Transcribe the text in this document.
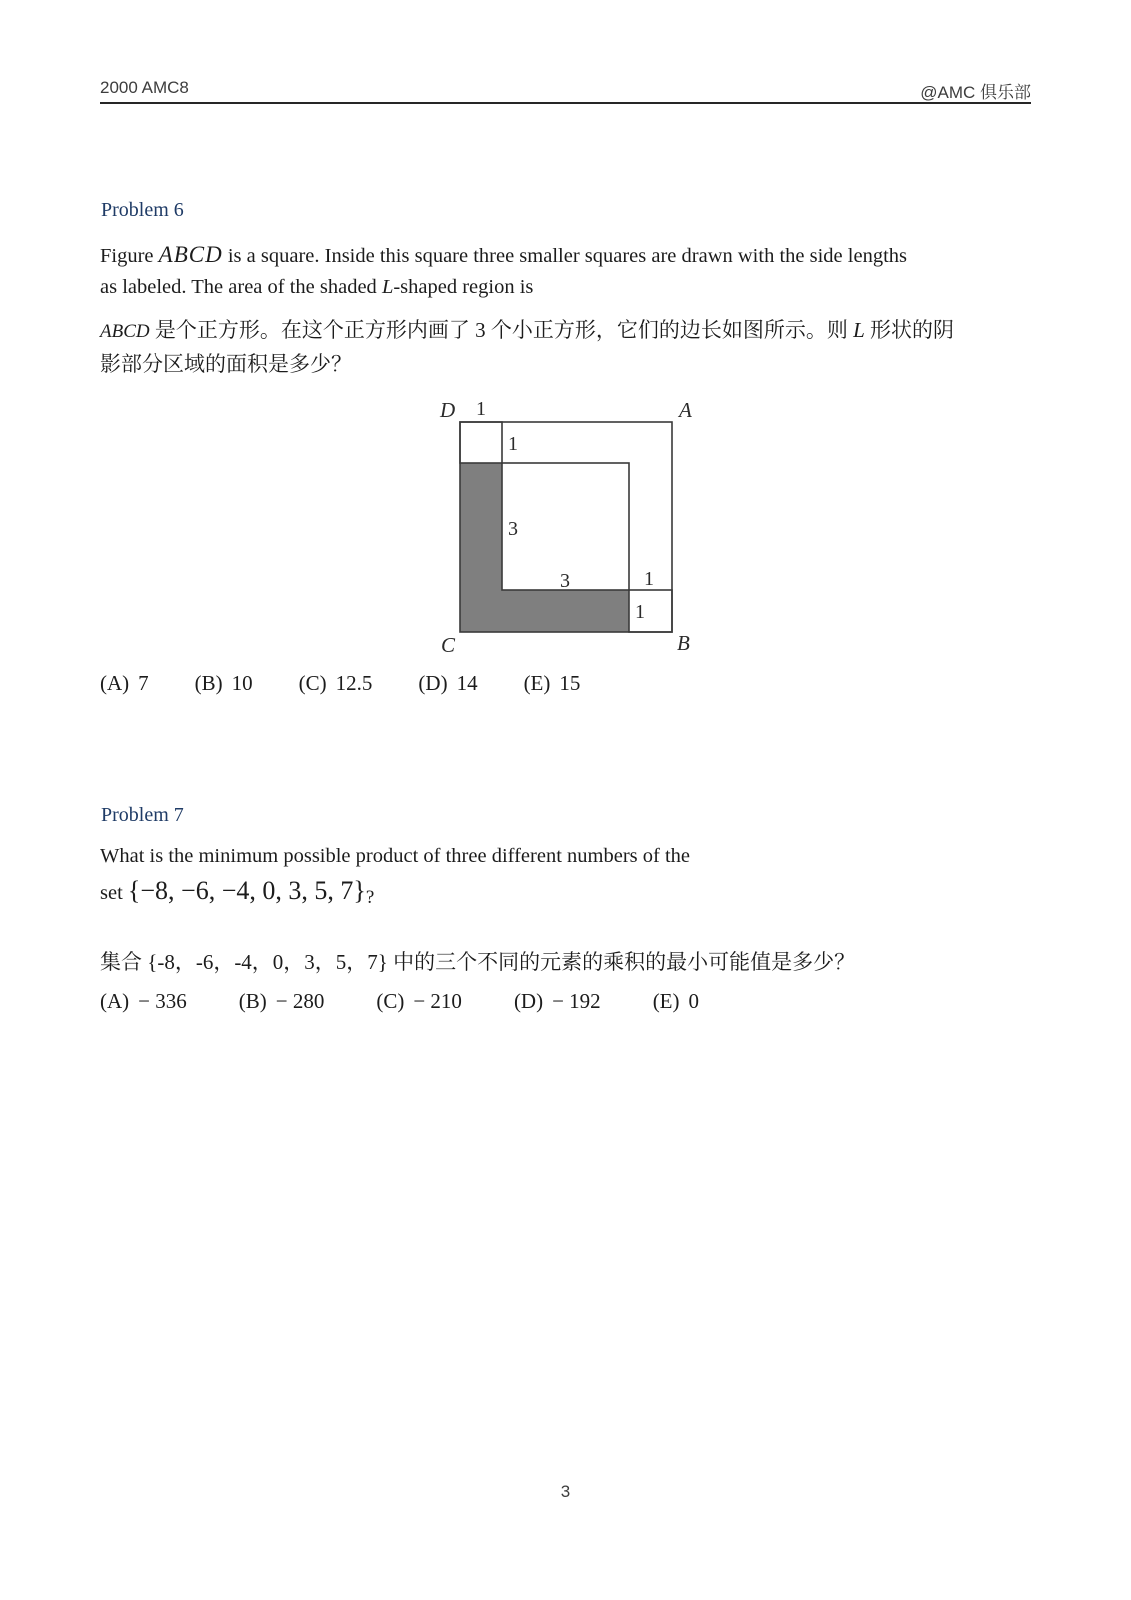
2000 AMC8	@AMC 俱乐部
Problem 6

Figure ABCD is a square. Inside this square three smaller squares are drawn with the side lengths
as labeled. The area of the shaded L-shaped region is

ABCD 是个正方形。在这个正方形内画了 3 个小正方形，它们的边长如图所示。则 L 形状的阴
影部分区域的面积是多少？

D 1	A
1
3
3	1
1
C	B
(A) 7 (B) 10 (C) 12.5 (D) 14 (E) 15
Problem 7

What is the minimum possible product of three different numbers of the

set {−8, −6, −4, 0, 3, 5, 7}?

集合 {-8，-6，-4，0，3，5，7} 中的三个不同的元素的乘积的最小可能值是多少？

(A) − 336 (B) − 280 (C) − 210 (D) − 192 (E) 0
3
